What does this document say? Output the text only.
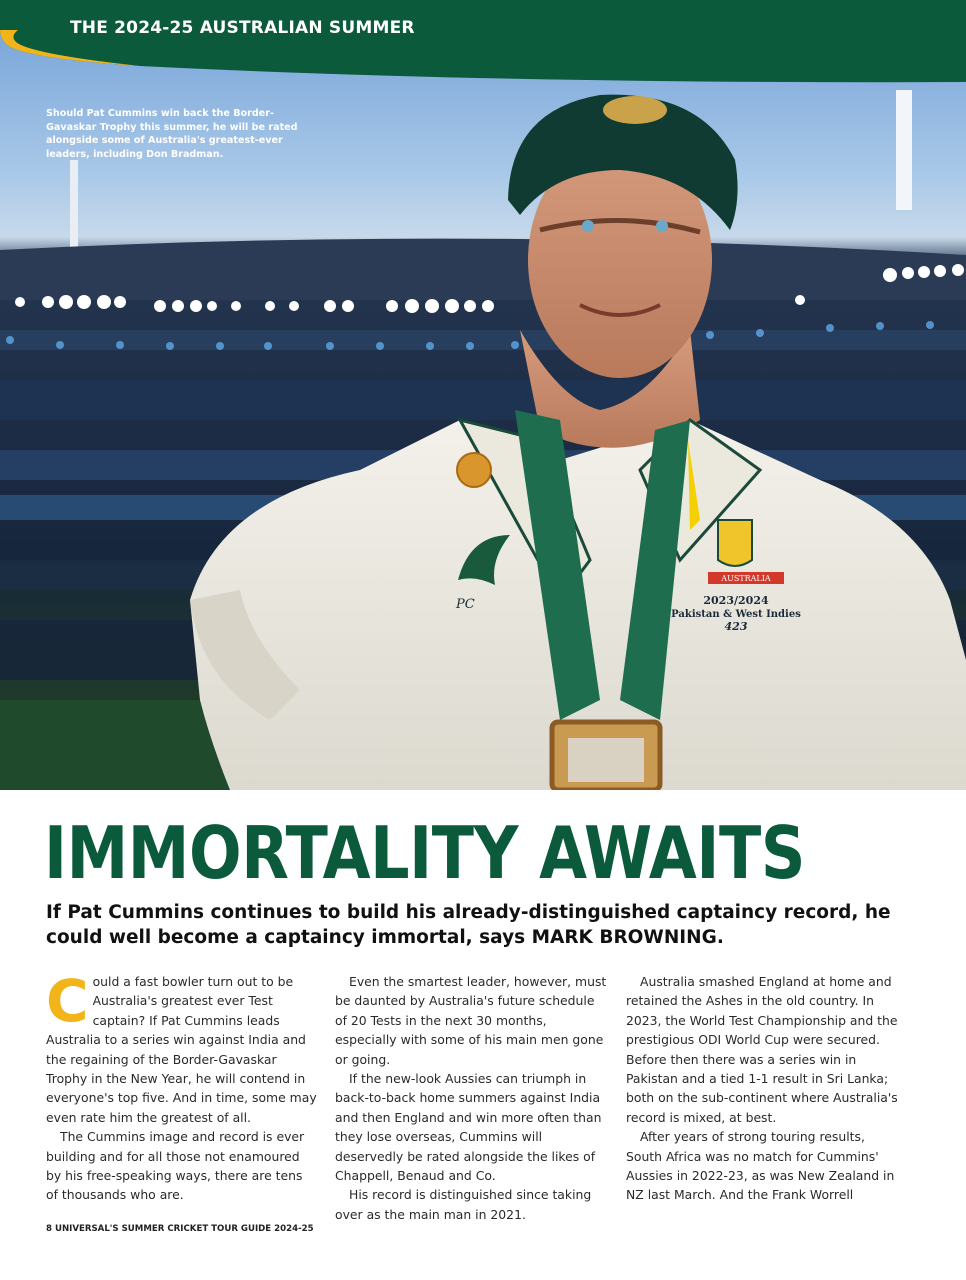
AUSTRALIA
2023/2024
Pakistan & West Indies
423
PC
THE 2024-25 AUSTRALIAN SUMMER

Should Pat Cummins win back the Border-Gavaskar Trophy this summer, he will be rated alongside some of Australia's greatest-ever leaders, including Don Bradman.

IMMORTALITY AWAITS

If Pat Cummins continues to build his already-distinguished captaincy record, he could well become a captaincy immortal, says MARK BROWNING.

Could a fast bowler turn out to be Australia's greatest ever Test captain? If Pat Cummins leads Australia to a series win against India and the regaining of the Border-Gavaskar Trophy in the New Year, he will contend in everyone's top five. And in time, some may even rate him the greatest of all.

The Cummins image and record is ever building and for all those not enamoured by his free-speaking ways, there are tens of thousands who are.

Even the smartest leader, however, must be daunted by Australia's future schedule of 20 Tests in the next 30 months, especially with some of his main men gone or going.

If the new-look Aussies can triumph in back-to-back home summers against India and then England and win more often than they lose overseas, Cummins will deservedly be rated alongside the likes of Chappell, Benaud and Co.

His record is distinguished since taking over as the main man in 2021.

Australia smashed England at home and retained the Ashes in the old country. In 2023, the World Test Championship and the prestigious ODI World Cup were secured. Before then there was a series win in Pakistan and a tied 1-1 result in Sri Lanka; both on the sub-continent where Australia's record is mixed, at best.

After years of strong touring results, South Africa was no match for Cummins' Aussies in 2022-23, as was New Zealand in NZ last March. And the Frank Worrell

8 UNIVERSAL'S SUMMER CRICKET TOUR GUIDE 2024-25
